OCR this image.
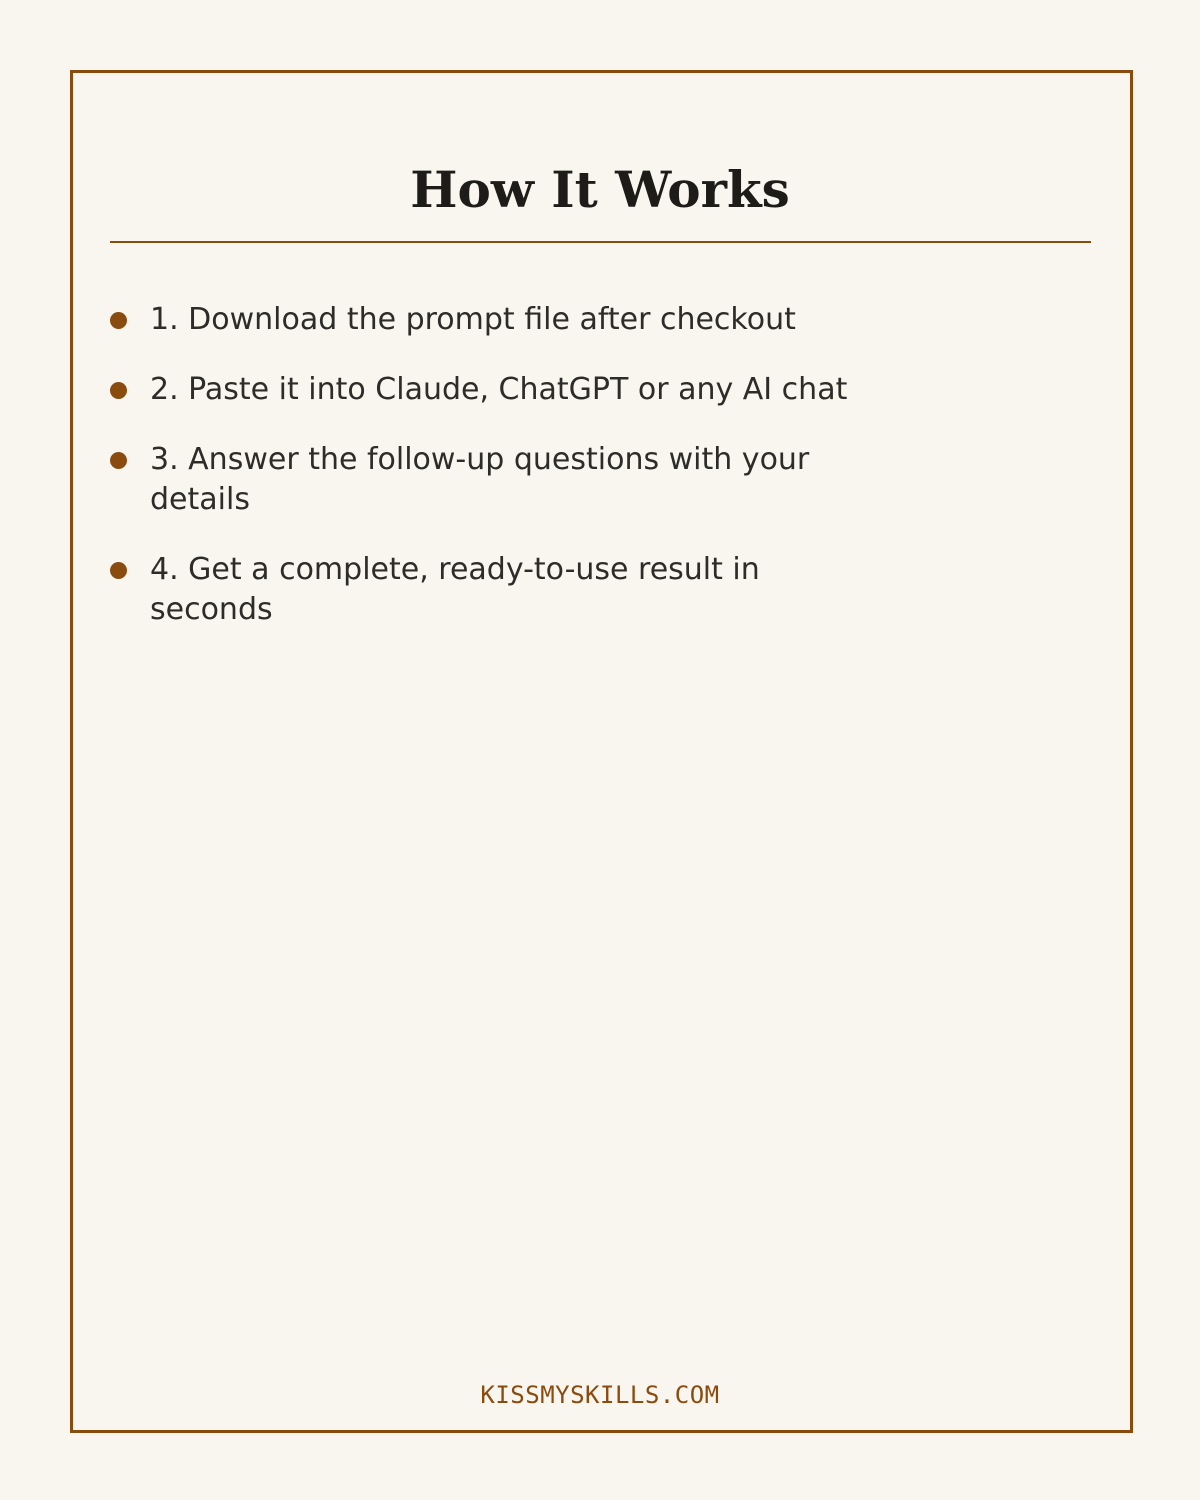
How It Works
1. Download the prompt file after checkout
2. Paste it into Claude, ChatGPT or any AI chat
3. Answer the follow-up questions with your details
4. Get a complete, ready-to-use result in seconds
KISSMYSKILLS.COM
